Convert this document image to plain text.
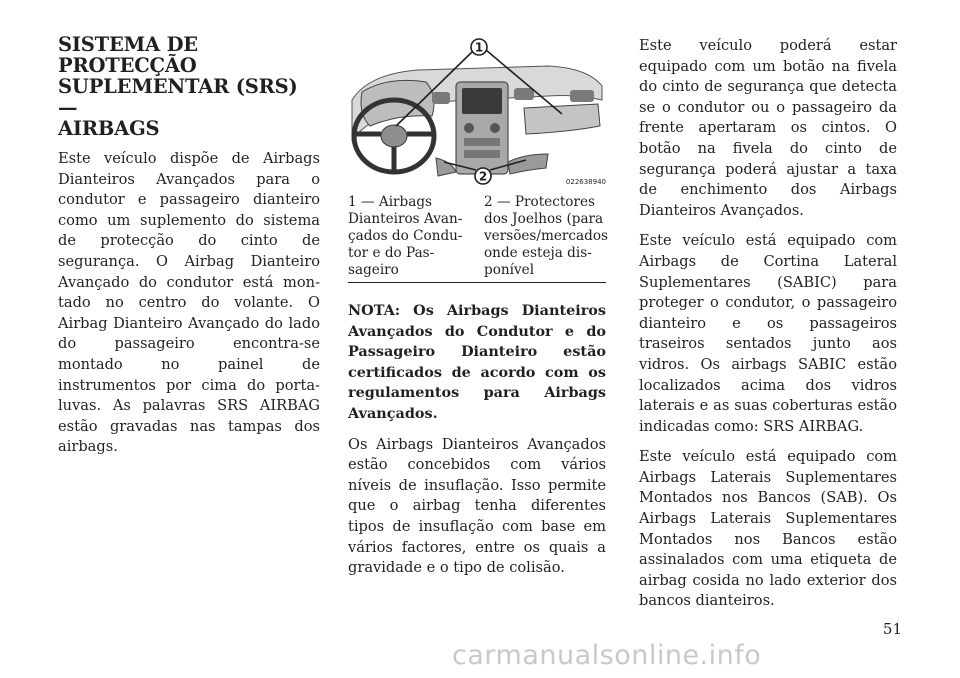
SISTEMA DE PROTECÇÃO
SUPLEMENTAR (SRS) —
AIRBAGS

Este veículo dispõe de Airbags Dianteiros Avançados para o condutor e passageiro dianteiro como um suplemento do sistema de protecção do cinto de segurança. O Airbag Dianteiro Avançado do condutor está montado no centro do volante. O Airbag Dianteiro Avançado do lado do passageiro encontra-se montado no painel de instrumentos por cima do porta-luvas. As palavras SRS AIRBAG estão gravadas nas tampas dos airbags.

1
2	022638940
1 — Airbags Dianteiros Avançados do Condutor e do Passageiro
2 — Protectores dos Joelhos (para versões/mercados onde esteja disponível

NOTA: Os Airbags Dianteiros Avançados do Condutor e do Passageiro Dianteiro estão certificados de acordo com os regulamentos para Airbags Avançados.

Os Airbags Dianteiros Avançados estão concebidos com vários níveis de insuflação. Isso permite que o airbag tenha diferentes tipos de insuflação com base em vários factores, entre os quais a gravidade e o tipo de colisão.

Este veículo poderá estar equipado com um botão na fivela do cinto de segurança que detecta se o condutor ou o passageiro da frente apertaram os cintos. O botão na fivela do cinto de segurança poderá ajustar a taxa de enchimento dos Airbags Dianteiros Avançados.

Este veículo está equipado com Airbags de Cortina Lateral Suplementares (SABIC) para proteger o condutor, o passageiro dianteiro e os passageiros traseiros sentados junto aos vidros. Os airbags SABIC estão localizados acima dos vidros laterais e as suas coberturas estão indicadas como: SRS AIRBAG.

Este veículo está equipado com Airbags Laterais Suplementares Montados nos Bancos (SAB). Os Airbags Laterais Suplementares Montados nos Bancos estão assinalados com uma etiqueta de airbag cosida no lado exterior dos bancos dianteiros.

51
carmanualsonline.info
